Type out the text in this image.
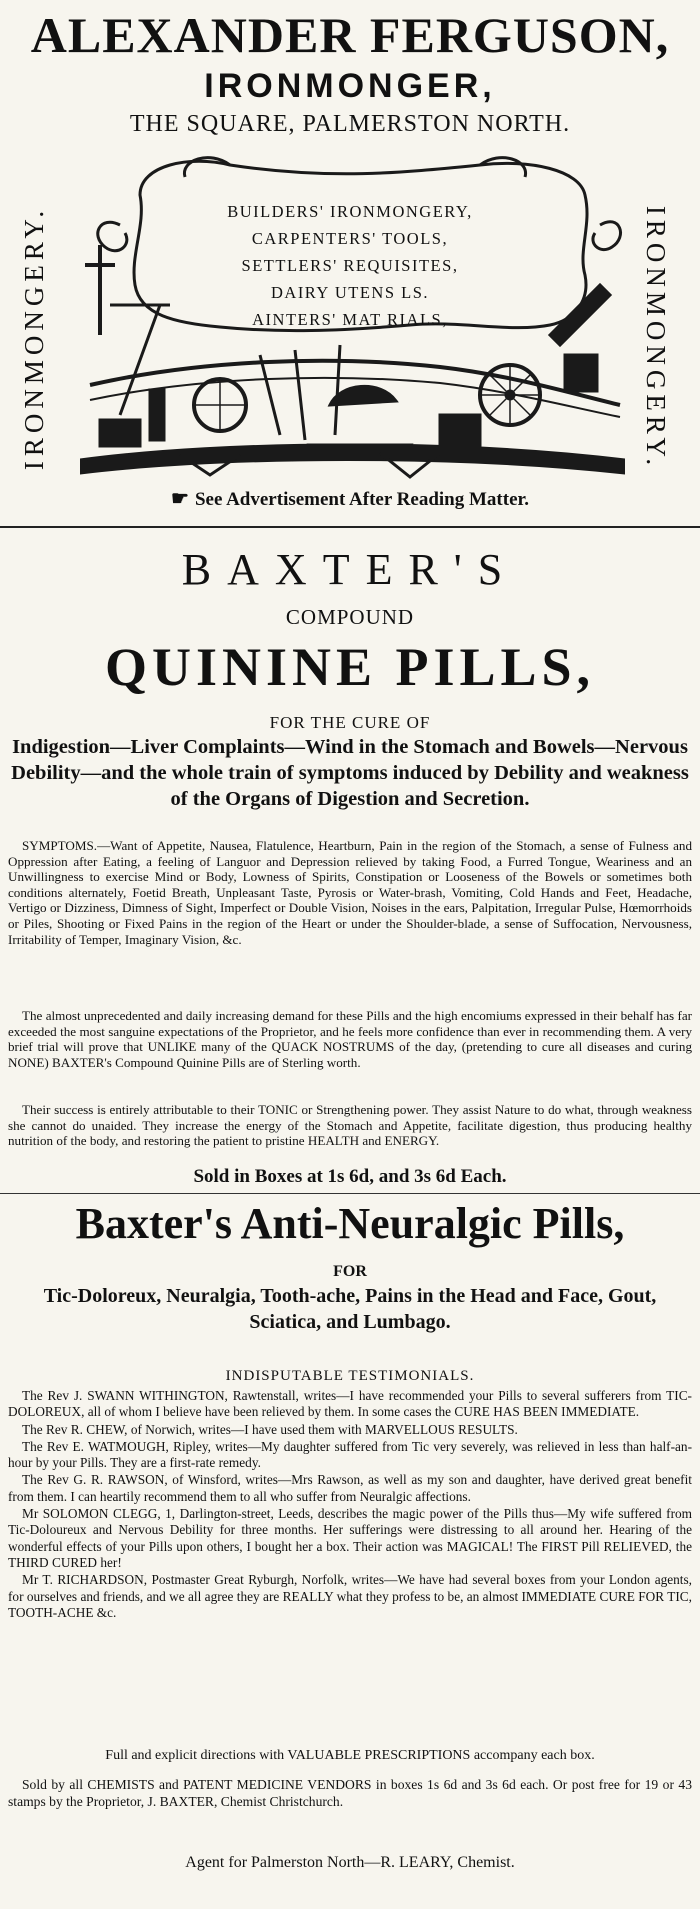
ALEXANDER FERGUSON,
IRONMONGER,
THE SQUARE, PALMERSTON NORTH.
IRONMONGERY.	IRONMONGERY.
BUILDERS' IRONMONGERY,
CARPENTERS' TOOLS,
SETTLERS' REQUISITES,
DAIRY UTENS LS.
AINTERS' MAT RIALS,
☛ See Advertisement After Reading Matter.
BAXTER'S
COMPOUND
QUININE PILLS,
FOR THE CURE OF
Indigestion—Liver Complaints—Wind in the Stomach and Bowels—Nervous Debility—and the whole train of symptoms induced by Debility and weakness of the Organs of Digestion and Secretion.

SYMPTOMS.—Want of Appetite, Nausea, Flatulence, Heartburn, Pain in the region of the Stomach, a sense of Fulness and Oppression after Eating, a feeling of Languor and Depression relieved by taking Food, a Furred Tongue, Weariness and an Unwillingness to exercise Mind or Body, Lowness of Spirits, Constipation or Looseness of the Bowels or sometimes both conditions alternately, Foetid Breath, Unpleasant Taste, Pyrosis or Water-brash, Vomiting, Cold Hands and Feet, Headache, Vertigo or Dizziness, Dimness of Sight, Imperfect or Double Vision, Noises in the ears, Palpitation, Irregular Pulse, Hœmorrhoids or Piles, Shooting or Fixed Pains in the region of the Heart or under the Shoulder-blade, a sense of Suffocation, Nervousness, Irritability of Temper, Imaginary Vision, &c.

The almost unprecedented and daily increasing demand for these Pills and the high encomiums expressed in their behalf has far exceeded the most sanguine expectations of the Proprietor, and he feels more confidence than ever in recommending them. A very brief trial will prove that UNLIKE many of the QUACK NOSTRUMS of the day, (pretending to cure all diseases and curing NONE) BAXTER's Compound Quinine Pills are of Sterling worth.

Their success is entirely attributable to their TONIC or Strengthening power. They assist Nature to do what, through weakness she cannot do unaided. They increase the energy of the Stomach and Appetite, facilitate digestion, thus producing healthy nutrition of the body, and restoring the patient to pristine HEALTH and ENERGY.

Sold in Boxes at 1s 6d, and 3s 6d Each.
Baxter's Anti-Neuralgic Pills,
FOR
Tic-Doloreux, Neuralgia, Tooth-ache, Pains in the Head and Face, Gout, Sciatica, and Lumbago.
INDISPUTABLE TESTIMONIALS.

The Rev J. SWANN WITHINGTON, Rawtenstall, writes—I have recommended your Pills to several sufferers from TIC-DOLOREUX, all of whom I believe have been relieved by them. In some cases the CURE HAS BEEN IMMEDIATE.

The Rev R. CHEW, of Norwich, writes—I have used them with MARVELLOUS RESULTS.

The Rev E. WATMOUGH, Ripley, writes—My daughter suffered from Tic very severely, was relieved in less than half-an-hour by your Pills. They are a first-rate remedy.

The Rev G. R. RAWSON, of Winsford, writes—Mrs Rawson, as well as my son and daughter, have derived great benefit from them. I can heartily recommend them to all who suffer from Neuralgic affections.

Mr SOLOMON CLEGG, 1, Darlington-street, Leeds, describes the magic power of the Pills thus—My wife suffered from Tic-Doloureux and Nervous Debility for three months. Her sufferings were distressing to all around her. Hearing of the wonderful effects of your Pills upon others, I bought her a box. Their action was MAGICAL! The FIRST Pill RELIEVED, the THIRD CURED her!

Mr T. RICHARDSON, Postmaster Great Ryburgh, Norfolk, writes—We have had several boxes from your London agents, for ourselves and friends, and we all agree they are REALLY what they profess to be, an almost IMMEDIATE CURE FOR TIC, TOOTH-ACHE &c.

Full and explicit directions with VALUABLE PRESCRIPTIONS accompany each box.

Sold by all CHEMISTS and PATENT MEDICINE VENDORS in boxes 1s 6d and 3s 6d each. Or post free for 19 or 43 stamps by the Proprietor, J. BAXTER, Chemist Christchurch.

Agent for Palmerston North—R. LEARY, Chemist.
